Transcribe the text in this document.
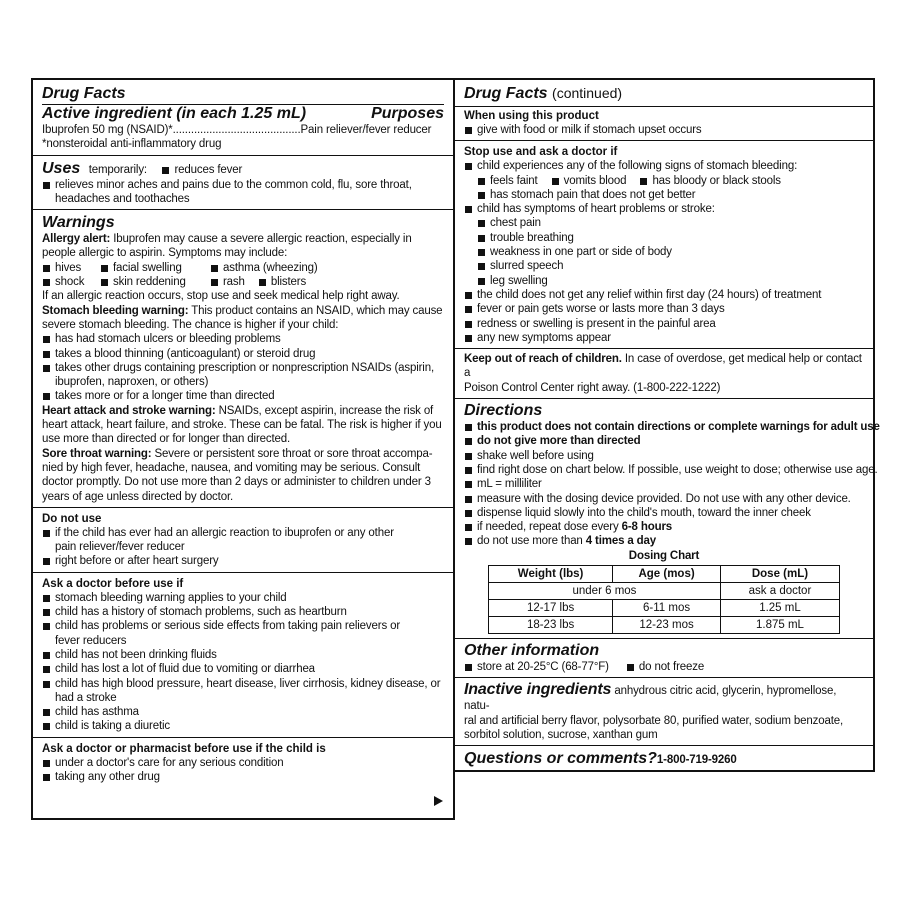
Drug Facts
Active ingredient (in each 1.25 mL)	Purposes
Ibuprofen 50 mg (NSAID)*..........................................Pain reliever/fever reducer
*nonsteroidal anti-inflammatory drug
Uses temporarily: reduces fever
relieves minor aches and pains due to the common cold, flu, sore throat,
headaches and toothaches
Warnings
Allergy alert: Ibuprofen may cause a severe allergic reaction, especially in
people allergic to aspirin. Symptoms may include:
hives	facial swelling	asthma (wheezing)
shock	skin reddening	rash blisters
If an allergic reaction occurs, stop use and seek medical help right away.
Stomach bleeding warning: This product contains an NSAID, which may cause
severe stomach bleeding. The chance is higher if your child:
has had stomach ulcers or bleeding problems
takes a blood thinning (anticoagulant) or steroid drug
takes other drugs containing prescription or nonprescription NSAIDs (aspirin,
ibuprofen, naproxen, or others)
takes more or for a longer time than directed
Heart attack and stroke warning: NSAIDs, except aspirin, increase the risk of
heart attack, heart failure, and stroke. These can be fatal. The risk is higher if you
use more than directed or for longer than directed.
Sore throat warning: Severe or persistent sore throat or sore throat accompa-
nied by high fever, headache, nausea, and vomiting may be serious. Consult
doctor promptly. Do not use more than 2 days or administer to children under 3
years of age unless directed by doctor.
Do not use
if the child has ever had an allergic reaction to ibuprofen or any other
pain reliever/fever reducer
right before or after heart surgery
Ask a doctor before use if
stomach bleeding warning applies to your child
child has a history of stomach problems, such as heartburn
child has problems or serious side effects from taking pain relievers or
fever reducers
child has not been drinking fluids
child has lost a lot of fluid due to vomiting or diarrhea
child has high blood pressure, heart disease, liver cirrhosis, kidney disease, or
had a stroke
child has asthma
child is taking a diuretic
Ask a doctor or pharmacist before use if the child is
under a doctor's care for any serious condition
taking any other drug
Drug Facts (continued)
When using this product
give with food or milk if stomach upset occurs
Stop use and ask a doctor if
child experiences any of the following signs of stomach bleeding:
feels faint vomits blood has bloody or black stools
has stomach pain that does not get better
child has symptoms of heart problems or stroke:
chest pain
trouble breathing
weakness in one part or side of body
slurred speech
leg swelling
the child does not get any relief within first day (24 hours) of treatment
fever or pain gets worse or lasts more than 3 days
redness or swelling is present in the painful area
any new symptoms appear
Keep out of reach of children. In case of overdose, get medical help or contact a
Poison Control Center right away. (1-800-222-1222)
Directions
this product does not contain directions or complete warnings for adult use
do not give more than directed
shake well before using
find right dose on chart below. If possible, use weight to dose; otherwise use age.
mL = milliliter
measure with the dosing device provided. Do not use with any other device.
dispense liquid slowly into the child's mouth, toward the inner cheek
if needed, repeat dose every 6-8 hours
do not use more than 4 times a day
Dosing Chart
Weight (lbs)	Age (mos)	Dose (mL)
under 6 mos		ask a doctor
12-17 lbs	6-11 mos	1.25 mL
18-23 lbs	12-23 mos	1.875 mL
Other information
store at 20-25°C (68-77°F)	do not freeze
Inactive ingredients anhydrous citric acid, glycerin, hypromellose, natu-
ral and artificial berry flavor, polysorbate 80, purified water, sodium benzoate,
sorbitol solution, sucrose, xanthan gum
Questions or comments?1-800-719-9260
